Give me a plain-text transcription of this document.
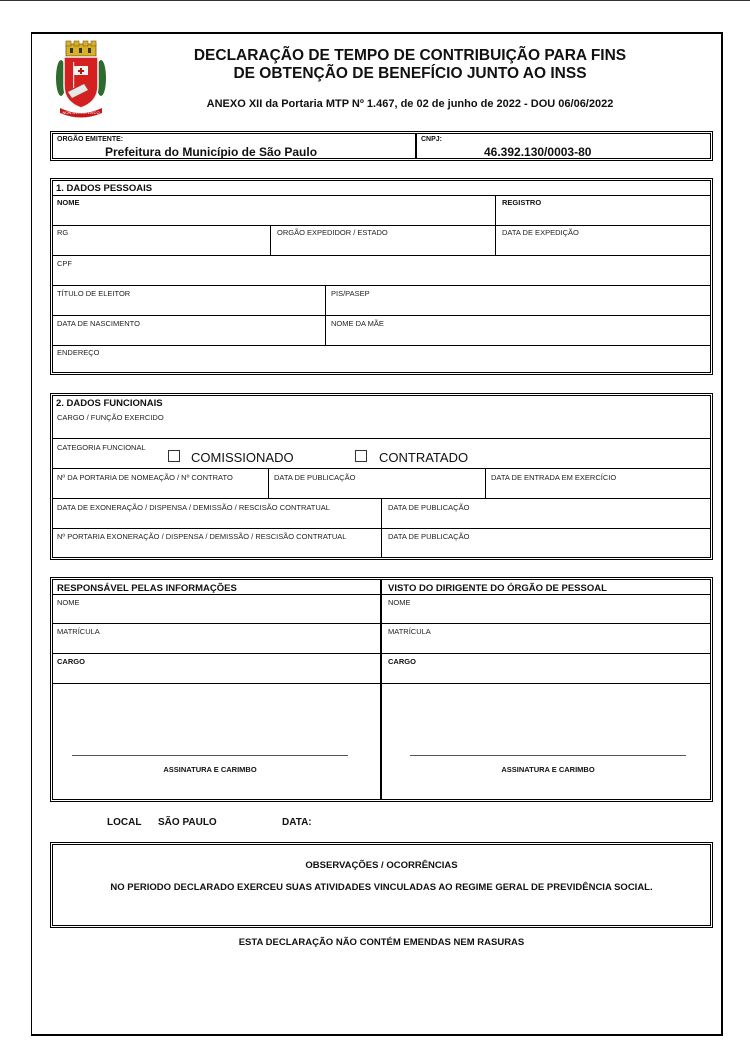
NON DVCOR DVCO
DECLARAÇÃO DE TEMPO DE CONTRIBUIÇÃO PARA FINS
DE OBTENÇÃO DE BENEFÍCIO JUNTO AO INSS
ANEXO XII da Portaria MTP Nº 1.467, de 02 de junho de 2022 - DOU 06/06/2022
ORGÃO EMITENTE:
Prefeitura do Município de São Paulo
CNPJ:
46.392.130/0003-80
1. DADOS PESSOAIS
NOME	REGISTRO
RG	ORGÃO EXPEDIDOR / ESTADO	DATA DE EXPEDIÇÃO
CPF
TÍTULO DE ELEITOR	PIS/PASEP
DATA DE NASCIMENTO	NOME DA MÃE
ENDEREÇO
2. DADOS FUNCIONAIS
CARGO / FUNÇÃO EXERCIDO
CATEGORIA FUNCIONAL
COMISSIONADO	CONTRATADO
Nº DA PORTARIA DE NOMEAÇÃO / Nº CONTRATO	DATA DE PUBLICAÇÃO	DATA DE ENTRADA EM EXERCÍCIO
DATA DE EXONERAÇÃO / DISPENSA / DEMISSÃO / RESCISÃO CONTRATUAL	DATA DE PUBLICAÇÃO
Nº PORTARIA EXONERAÇÃO / DISPENSA / DEMISSÃO / RESCISÃO CONTRATUAL	DATA DE PUBLICAÇÃO
RESPONSÁVEL PELAS INFORMAÇÕES	VISTO DO DIRIGENTE DO ÓRGÃO DE PESSOAL
NOME	NOME
MATRÍCULA	MATRÍCULA
CARGO	CARGO
ASSINATURA E CARIMBO	ASSINATURA E CARIMBO
LOCAL SÃO PAULO	DATA:
OBSERVAÇÕES / OCORRÊNCIAS
NO PERIODO DECLARADO EXERCEU SUAS ATIVIDADES VINCULADAS AO REGIME GERAL DE PREVIDÊNCIA SOCIAL.
ESTA DECLARAÇÃO NÃO CONTÉM EMENDAS NEM RASURAS
